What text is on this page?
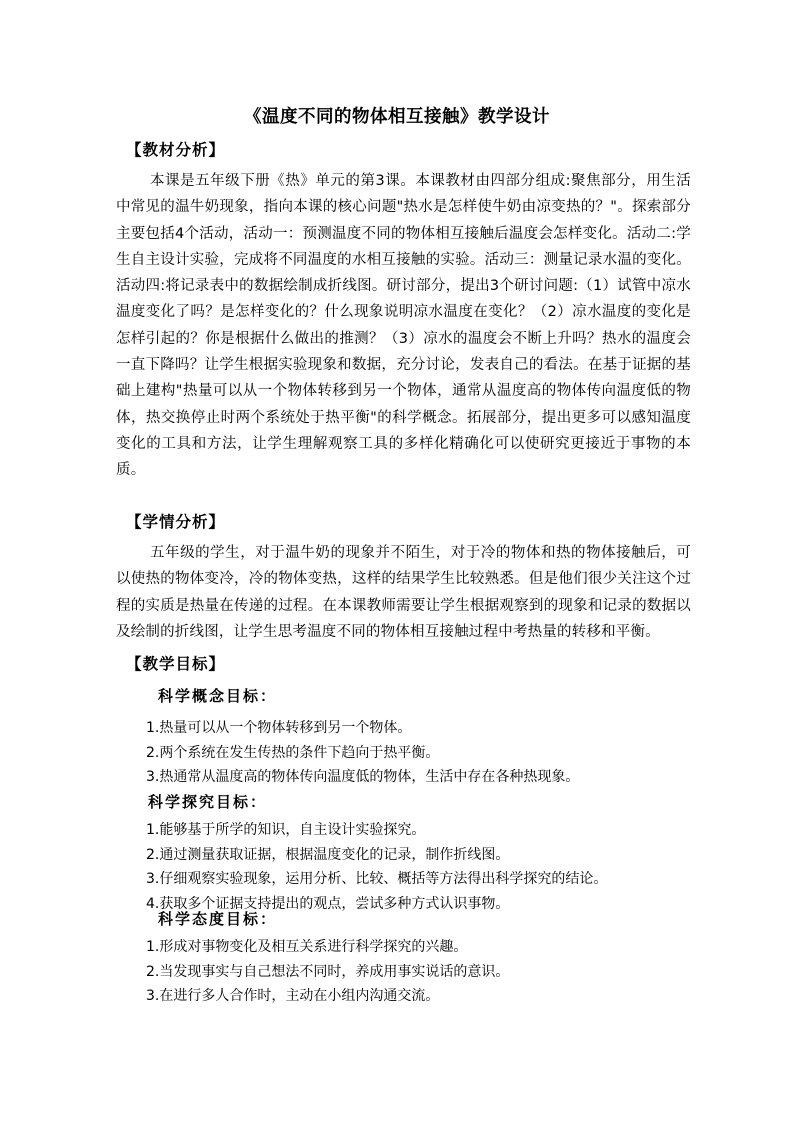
《温度不同的物体相互接触》教学设计
【教材分析】

本课是五年级下册《热》单元的第3课。本课教材由四部分组成:聚焦部分，用生活中常见的温牛奶现象，指向本课的核心问题"热水是怎样使牛奶由凉变热的？"。探索部分主要包括4个活动，活动一：预测温度不同的物体相互接触后温度会怎样变化。活动二:学生自主设计实验，完成将不同温度的水相互接触的实验。活动三：测量记录水温的变化。活动四:将记录表中的数据绘制成折线图。研讨部分，提出3个研讨问题:（1）试管中凉水温度变化了吗？是怎样变化的？什么现象说明凉水温度在变化？（2）凉水温度的变化是怎样引起的？你是根据什么做出的推测？（3）凉水的温度会不断上升吗？热水的温度会一直下降吗？让学生根据实验现象和数据，充分讨论，发表自己的看法。在基于证据的基础上建构"热量可以从一个物体转移到另一个物体，通常从温度高的物体传向温度低的物体，热交换停止时两个系统处于热平衡"的科学概念。拓展部分，提出更多可以感知温度变化的工具和方法，让学生理解观察工具的多样化精确化可以使研究更接近于事物的本质。

【学情分析】

五年级的学生，对于温牛奶的现象并不陌生，对于冷的物体和热的物体接触后，可以使热的物体变冷，冷的物体变热，这样的结果学生比较熟悉。但是他们很少关注这个过程的实质是热量在传递的过程。在本课教师需要让学生根据观察到的现象和记录的数据以及绘制的折线图，让学生思考温度不同的物体相互接触过程中考热量的转移和平衡。

【教学目标】
科学概念目标：
1.热量可以从一个物体转移到另一个物体。
2.两个系统在发生传热的条件下趋向于热平衡。
3.热通常从温度高的物体传向温度低的物体，生活中存在各种热现象。
科学探究目标：
1.能够基于所学的知识，自主设计实验探究。
2.通过测量获取证据，根据温度变化的记录，制作折线图。
3.仔细观察实验现象，运用分析、比较、概括等方法得出科学探究的结论。
4.获取多个证据支持提出的观点，尝试多种方式认识事物。
科学态度目标：
1.形成对事物变化及相互关系进行科学探究的兴趣。
2.当发现事实与自己想法不同时，养成用事实说话的意识。
3.在进行多人合作时，主动在小组内沟通交流。
